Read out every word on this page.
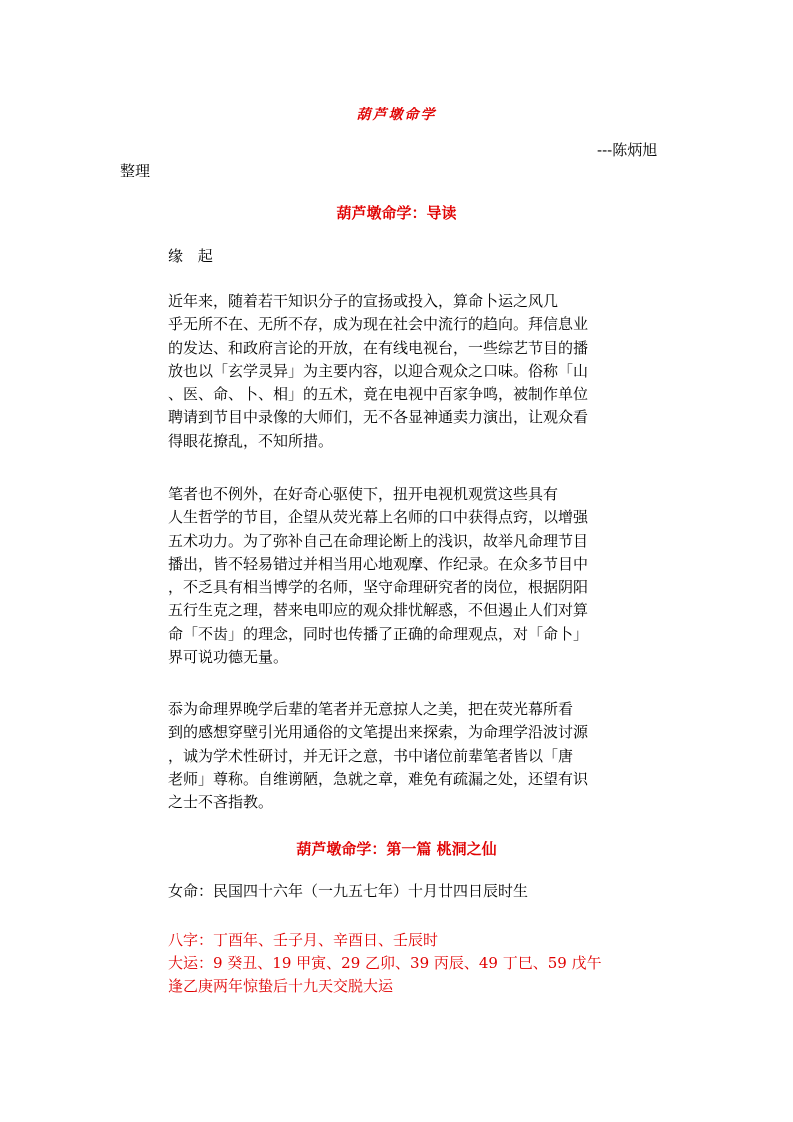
葫芦墩命学

---陈炳旭

整理

葫芦墩命学：导读

缘 起

近年来，随着若干知识分子的宣扬或投入，算命卜运之风几
乎无所不在、无所不存，成为现在社会中流行的趋向。拜信息业
的发达、和政府言论的开放，在有线电视台，一些综艺节目的播
放也以「玄学灵异」为主要内容，以迎合观众之口味。俗称「山
、医、命、卜、相」的五术，竟在电视中百家争鸣，被制作单位
聘请到节目中录像的大师们，无不各显神通卖力演出，让观众看
得眼花撩乱，不知所措。
笔者也不例外，在好奇心驱使下，扭开电视机观赏这些具有
人生哲学的节目，企望从荧光幕上名师的口中获得点窍，以增强
五术功力。为了弥补自己在命理论断上的浅识，故举凡命理节目
播出，皆不轻易错过并相当用心地观摩、作纪录。在众多节目中
，不乏具有相当博学的名师，坚守命理研究者的岗位，根据阴阳
五行生克之理，替来电叩应的观众排忧解惑，不但遏止人们对算
命「不齿」的理念，同时也传播了正确的命理观点，对「命卜」
界可说功德无量。
忝为命理界晚学后辈的笔者并无意掠人之美，把在荧光幕所看
到的感想穿壁引光用通俗的文笔提出来探索，为命理学沿波讨源
，诚为学术性研讨，并无讦之意，书中诸位前辈笔者皆以「唐
老师」尊称。自维谫陋，急就之章，难免有疏漏之处，还望有识
之士不吝指教。

葫芦墩命学：第一篇 桃洞之仙

女命：民国四十六年（一九五七年）十月廿四日辰时生

八字：丁酉年、壬子月、辛酉日、壬辰时

大运：9 癸丑、19 甲寅、29 乙卯、39 丙辰、49 丁巳、59 戊午

逢乙庚两年惊蛰后十九天交脱大运
